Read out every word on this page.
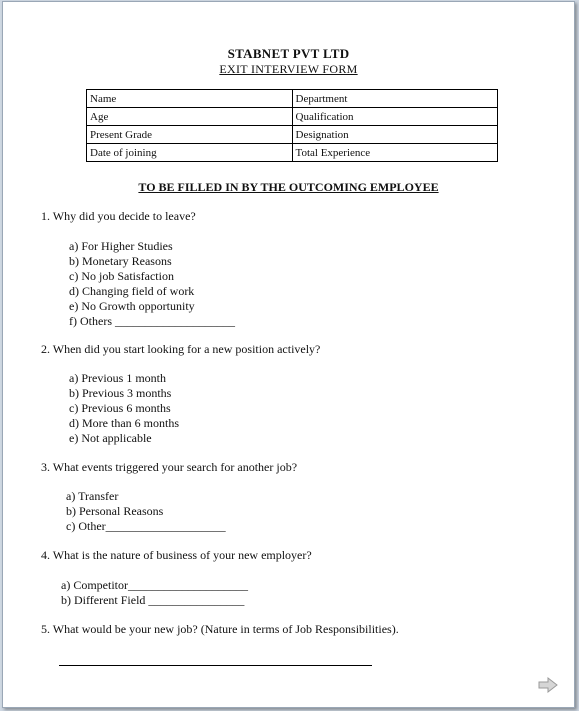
STABNET PVT LTD
EXIT INTERVIEW FORM
Name	Department
Age	Qualification
Present Grade	Designation
Date of joining	Total Experience
TO BE FILLED IN BY THE OUTCOMING EMPLOYEE
1. Why did you decide to leave?
a) For Higher Studies
b) Monetary Reasons
c) No job Satisfaction
d) Changing field of work
e) No Growth opportunity
f) Others ____________________
2. When did you start looking for a new position actively?
a) Previous 1 month
b) Previous 3 months
c) Previous 6 months
d) More than 6 months
e) Not applicable
3. What events triggered your search for another job?
a) Transfer
b) Personal Reasons
c) Other____________________
4. What is the nature of business of your new employer?
a) Competitor____________________
b) Different Field ________________
5. What would be your new job? (Nature in terms of Job Responsibilities).
